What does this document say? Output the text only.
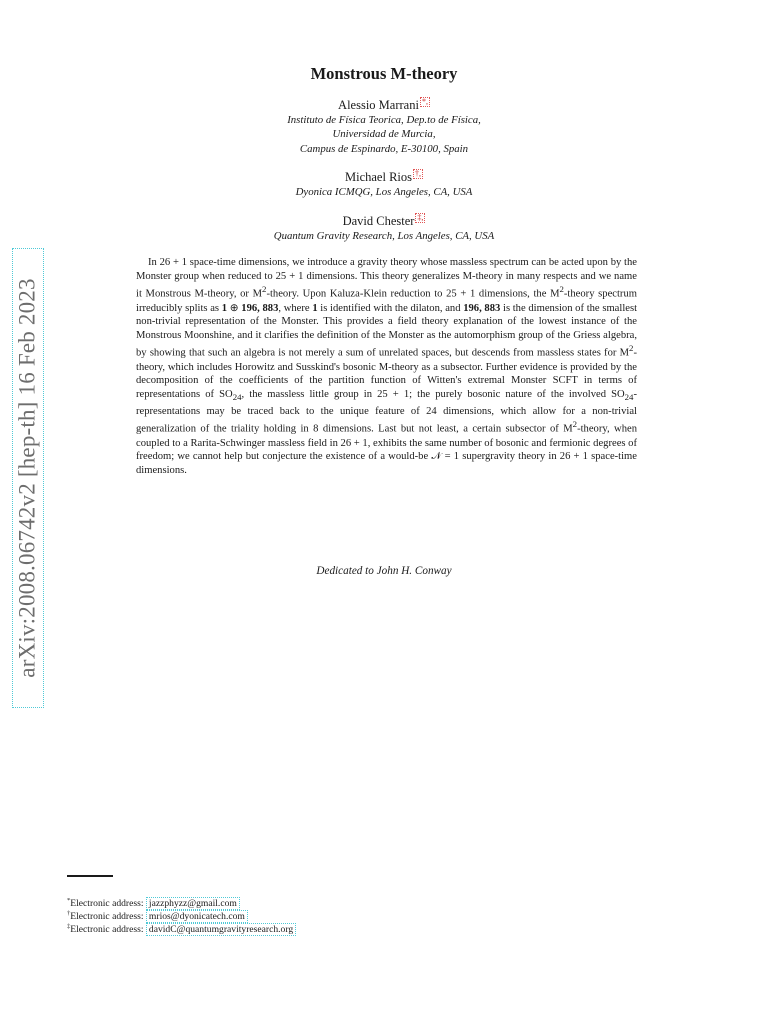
arXiv:2008.06742v2 [hep-th] 16 Feb 2023
Monstrous M-theory
Alessio Marrani *,
Instituto de Física Teorica, Dep.to de Física,
Universidad de Murcia,
Campus de Espinardo, E-30100, Spain
Michael Rios †,
Dyonica ICMQG, Los Angeles, CA, USA
David Chester ‡,
Quantum Gravity Research, Los Angeles, CA, USA

In 26 + 1 space-time dimensions, we introduce a gravity theory whose massless spectrum can be acted upon by the Monster group when reduced to 25 + 1 dimensions. This theory generalizes M-theory in many respects and we name it Monstrous M-theory, or $M^2$-theory. Upon Kaluza-Klein reduction to 25 + 1 dimensions, the $M^2$-theory spectrum irreducibly splits as 1 ⊕ 196, 883, where 1 is identified with the dilaton, and 196, 883 is the dimension of the smallest non-trivial representation of the Monster. This provides a field theory explanation of the lowest instance of the Monstrous Moonshine, and it clarifies the definition of the Monster as the automorphism group of the Griess algebra, by showing that such an algebra is not merely a sum of unrelated spaces, but descends from massless states for $M^2$-theory, which includes Horowitz and Susskind's bosonic M-theory as a subsector. Further evidence is provided by the decomposition of the coefficients of the partition function of Witten's extremal Monster SCFT in terms of representations of $SO_{24}$, the massless little group in 25 + 1; the purely bosonic nature of the involved $SO_{24}$-representations may be traced back to the unique feature of 24 dimensions, which allow for a non-trivial generalization of the triality holding in 8 dimensions. Last but not least, a certain subsector of $M^2$-theory, when coupled to a Rarita-Schwinger massless field in 26 + 1, exhibits the same number of bosonic and fermionic degrees of freedom; we cannot help but conjecture the existence of a would-be 𝒩 = 1 supergravity theory in 26 + 1 space-time dimensions.

Dedicated to John H. Conway
*Electronic address: jazzphyzz@gmail.com
†Electronic address: mrios@dyonicatech.com
‡Electronic address: davidC@quantumgravityresearch.org
